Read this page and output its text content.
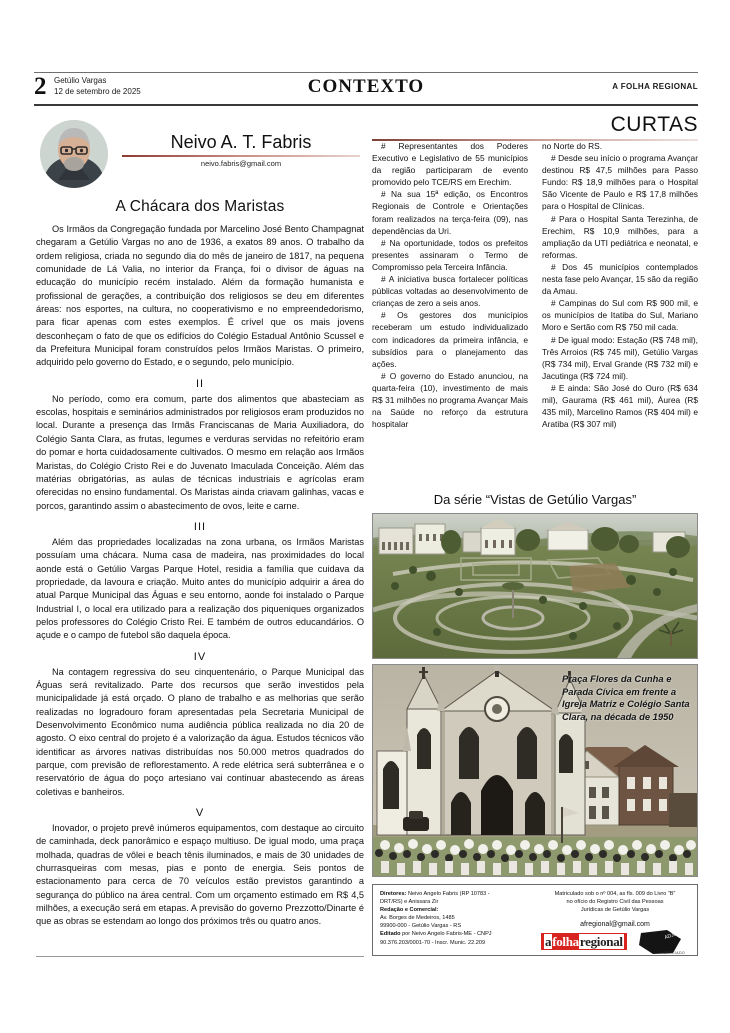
2 Getúlio Vargas
12 de setembro de 2025	CONTEXTO	A FOLHA REGIONAL
Neivo A. T. Fabris
neivo.fabris@gmail.com
A Chácara dos Maristas

Os Irmãos da Congregação fundada por Marcelino José Bento Champagnat chegaram a Getúlio Vargas no ano de 1936, a exatos 89 anos. O trabalho da ordem religiosa, criada no segundo dia do mês de janeiro de 1817, na pequena comunidade de Lá Valia, no interior da França, foi o divisor de águas na educação do município recém instalado. Além da formação humanista e profissional de gerações, a contribuição dos religiosos se deu em diferentes áreas: nos esportes, na cultura, no cooperativismo e no empreendedorismo, para ficar apenas com estes exemplos. É crível que os mais jovens desconheçam o fato de que os edifícios do Colégio Estadual Antônio Scussel e da Prefeitura Municipal foram construídos pelos Irmãos Maristas. O primeiro, adquirido pelo governo do Estado, e o segundo, pelo município.

II

No período, como era comum, parte dos alimentos que abasteciam as escolas, hospitais e seminários administrados por religiosos eram produzidos no local. Durante a presença das Irmãs Franciscanas de Maria Auxiliadora, do Colégio Santa Clara, as frutas, legumes e verduras servidas no refeitório eram do pomar e horta cuidadosamente cultivados. O mesmo em relação aos Irmãos Maristas, do Colégio Cristo Rei e do Juvenato Imaculada Conceição. Além das matérias obrigatórias, as aulas de técnicas industriais e agrícolas eram oferecidas no ensino fundamental. Os Maristas ainda criavam galinhas, vacas e porcos, garantindo assim o abastecimento de ovos, leite e carne.

III

Além das propriedades localizadas na zona urbana, os Irmãos Maristas possuíam uma chácara. Numa casa de madeira, nas proximidades do local aonde está o Getúlio Vargas Parque Hotel, residia a família que cuidava da propriedade, da lavoura e criação. Muito antes do município adquirir a área do atual Parque Municipal das Águas e seu entorno, aonde foi instalado o Parque Industrial I, o local era utilizado para a realização dos piqueniques organizados pelos professores do Colégio Cristo Rei. E também de outros educandários. O açude e o campo de futebol são daquela época.

IV

Na contagem regressiva do seu cinquentenário, o Parque Municipal das Águas será revitalizado. Parte dos recursos que serão investidos pela municipalidade já está orçado. O plano de trabalho e as melhorias que serão realizadas no logradouro foram apresentadas pela Secretaria Municipal de Desenvolvimento Econômico numa audiência pública realizada no dia 20 de agosto. O eixo central do projeto é a valorização da água. Estudos técnicos vão identificar as árvores nativas distribuídas nos 50.000 metros quadrados do parque, com previsão de reflorestamento. A rede elétrica será subterrânea e o reservatório de água do poço artesiano vai continuar abastecendo as áreas coletivas e banheiros.

V

Inovador, o projeto prevê inúmeros equipamentos, com destaque ao circuito de caminhada, deck panorâmico e espaço multiuso. De igual modo, uma praça molhada, quadras de vôlei e beach tênis iluminados, e mais de 30 unidades de churrasqueiras com mesas, pias e ponto de energia. Seis pontos de estacionamento para cerca de 70 veículos estão previstos garantindo a segurança do público na área central. Com um orçamento estimado em R$ 4,5 milhões, a execução será em etapas. A previsão do governo Prezzotto/Dinarte é que as obras se estendam ao longo dos próximos três ou quatro anos.

CURTAS

# Representantes dos Poderes Executivo e Legislativo de 55 municípios da região participaram de evento promovido pelo TCE/RS em Erechim.

# Na sua 15ª edição, os Encontros Regionais de Controle e Orientações foram realizados na terça-feira (09), nas dependências da Uri.

# Na oportunidade, todos os prefeitos presentes assinaram o Termo de Compromisso pela Terceira Infância.

# A iniciativa busca fortalecer políticas públicas voltadas ao desenvolvimento de crianças de zero a seis anos.

# Os gestores dos municípios receberam um estudo individualizado com indicadores da primeira infância, e subsídios para o planejamento das ações.

# O governo do Estado anunciou, na quarta-feira (10), investimento de mais R$ 31 milhões no programa Avançar Mais na Saúde no reforço da estrutura hospitalar

no Norte do RS.

# Desde seu início o programa Avançar destinou R$ 47,5 milhões para Passo Fundo: R$ 18,9 milhões para o Hospital São Vicente de Paulo e R$ 17,8 milhões para o Hospital de Clínicas.

# Para o Hospital Santa Terezinha, de Erechim, R$ 10,9 milhões, para a ampliação da UTI pediátrica e neonatal, e reformas.

# Dos 45 municípios contemplados nesta fase pelo Avançar, 15 são da região da Amau.

# Campinas do Sul com R$ 900 mil, e os municípios de Itatiba do Sul, Mariano Moro e Sertão com R$ 750 mil cada.

# De igual modo: Estação (R$ 748 mil), Três Arroios (R$ 745 mil), Getúlio Vargas (R$ 734 mil), Erval Grande (R$ 732 mil) e Jacutinga (R$ 724 mil).

# E ainda: São José do Ouro (R$ 634 mil), Gaurama (R$ 461 mil), Áurea (R$ 435 mil), Marcelino Ramos (R$ 404 mil) e Aratiba (R$ 307 mil)

Da série “Vistas de Getúlio Vargas”
Praça Flores da Cunha e Parada Cívica em frente a Igreja Matriz e Colégio Santa Clara, na década de 1950
Diretores: Neivo Angelo Fabris (RP 10783 -
DRT/RS) e Anissara Zir
Redação e Comercial:
Av. Borges de Medeiros, 1485
99900-000 - Getúlio Vargas - RS
Editado por Neivo Angelo Fabris-ME - CNPJ
90.376.203/0001-70 - Inscr. Munic. 22.209
Matriculado sob o nº 004, as fls. 009 do Livro “B”
no ofício do Registro Civil das Pessoas
Jurídicas de Getúlio Vargas
afregional@gmail.com
a folha regional	ADJORI
ASSOCIADO
